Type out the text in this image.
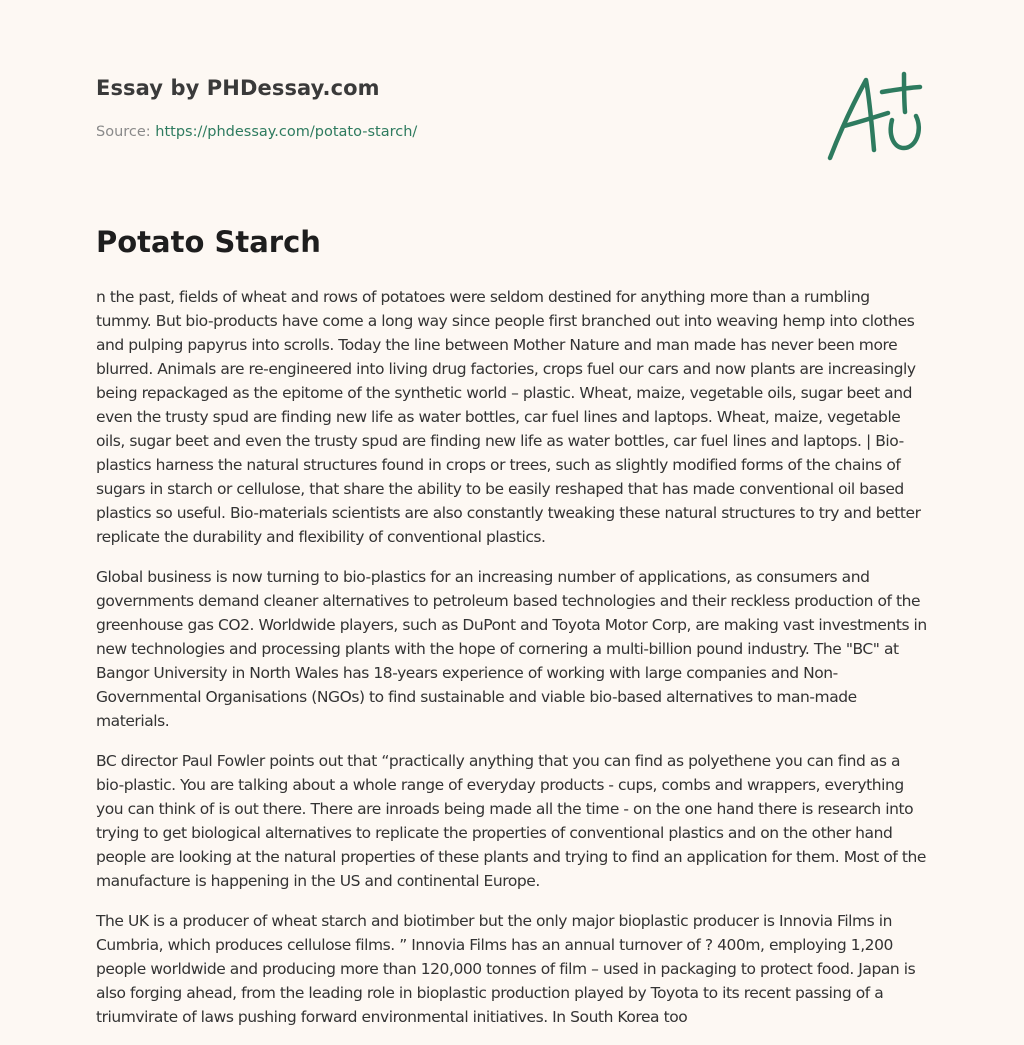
Essay by PHDessay.com
Source: https://phdessay.com/potato-starch/
Potato Starch

n the past, fields of wheat and rows of potatoes were seldom destined for anything more than a rumbling tummy. But bio-products have come a long way since people first branched out into weaving hemp into clothes and pulping papyrus into scrolls. Today the line between Mother Nature and man made has never been more blurred. Animals are re-engineered into living drug factories, crops fuel our cars and now plants are increasingly being repackaged as the epitome of the synthetic world – plastic. Wheat, maize, vegetable oils, sugar beet and even the trusty spud are finding new life as water bottles, car fuel lines and laptops. Wheat, maize, vegetable oils, sugar beet and even the trusty spud are finding new life as water bottles, car fuel lines and laptops. | Bio-plastics harness the natural structures found in crops or trees, such as slightly modified forms of the chains of sugars in starch or cellulose, that share the ability to be easily reshaped that has made conventional oil based plastics so useful. Bio-materials scientists are also constantly tweaking these natural structures to try and better replicate the durability and flexibility of conventional plastics.

Global business is now turning to bio-plastics for an increasing number of applications, as consumers and governments demand cleaner alternatives to petroleum based technologies and their reckless production of the greenhouse gas CO2. Worldwide players, such as DuPont and Toyota Motor Corp, are making vast investments in new technologies and processing plants with the hope of cornering a multi-billion pound industry. The "BC" at Bangor University in North Wales has 18-years experience of working with large companies and Non-Governmental Organisations (NGOs) to find sustainable and viable bio-based alternatives to man-made materials.

BC director Paul Fowler points out that “practically anything that you can find as polyethene you can find as a bio-plastic. You are talking about a whole range of everyday products - cups, combs and wrappers, everything you can think of is out there. There are inroads being made all the time - on the one hand there is research into trying to get biological alternatives to replicate the properties of conventional plastics and on the other hand people are looking at the natural properties of these plants and trying to find an application for them. Most of the manufacture is happening in the US and continental Europe.

The UK is a producer of wheat starch and biotimber but the only major bioplastic producer is Innovia Films in Cumbria, which produces cellulose films. ” Innovia Films has an annual turnover of ? 400m, employing 1,200 people worldwide and producing more than 120,000 tonnes of film – used in packaging to protect food. Japan is also forging ahead, from the leading role in bioplastic production played by Toyota to its recent passing of a triumvirate of laws pushing forward environmental initiatives. In South Korea too
